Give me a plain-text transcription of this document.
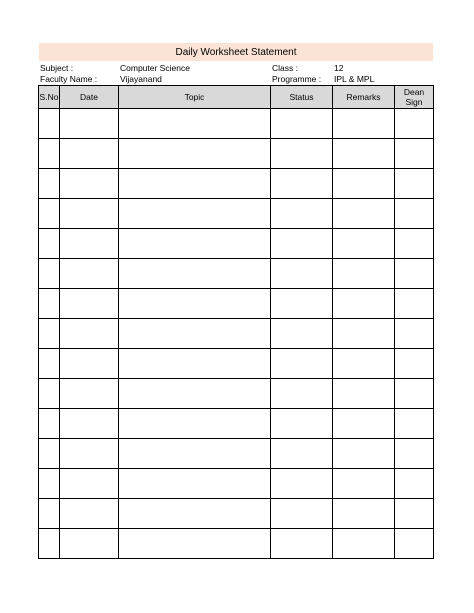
Daily Worksheet Statement
Subject :	Computer Science	Class :	12
Faculty Name :	Vijayanand	Programme : IPL & MPL
S.No	Date	Topic	Status	Remarks	Dean
Sign
